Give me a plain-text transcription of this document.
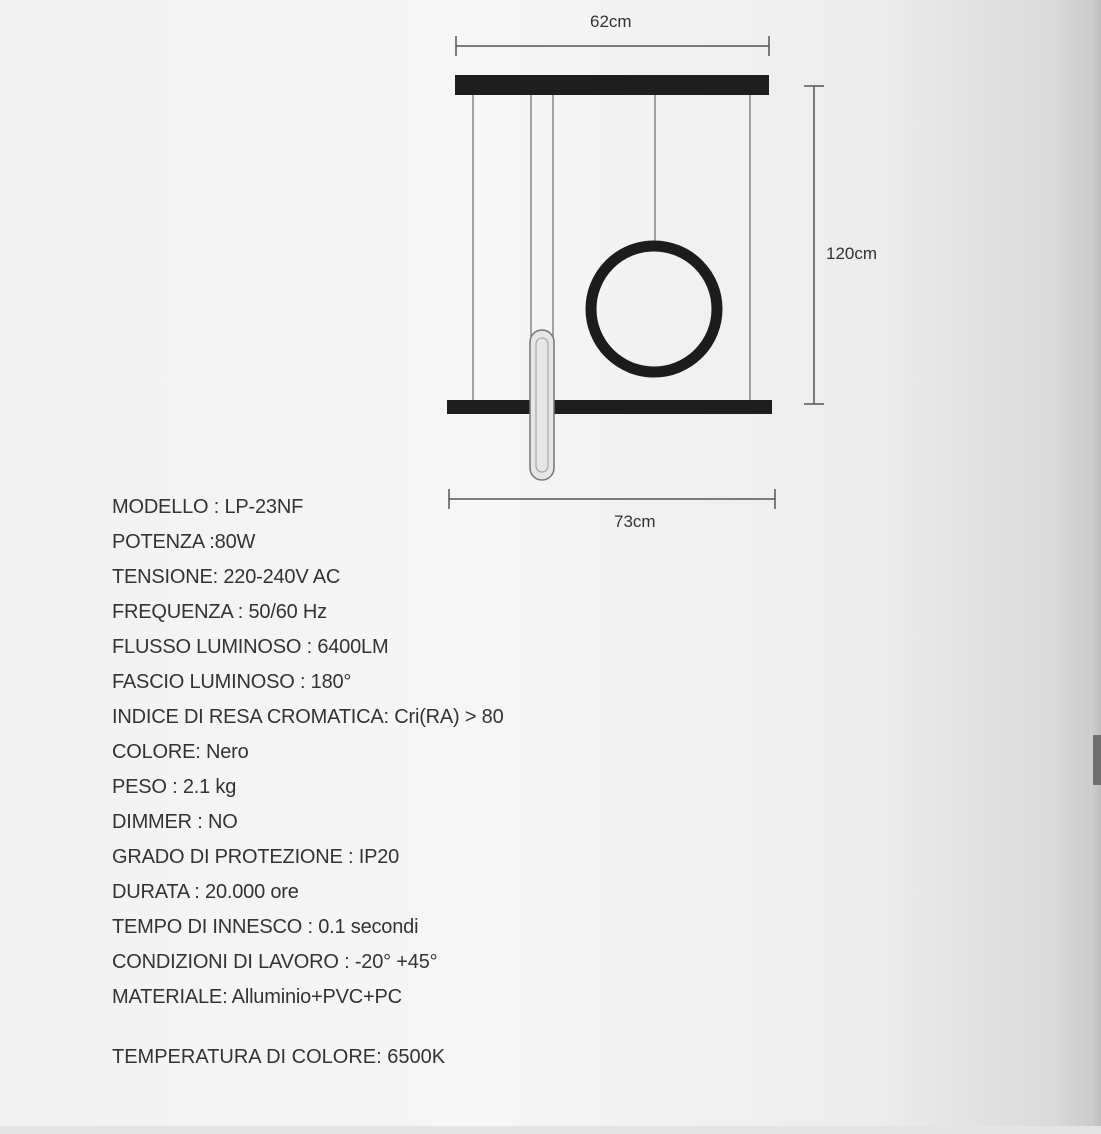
62cm
120cm
73cm
MODELLO : LP-23NF
POTENZA :80W
TENSIONE: 220-240V AC
FREQUENZA : 50/60 Hz
FLUSSO LUMINOSO : 6400LM
FASCIO LUMINOSO : 180°
INDICE DI RESA CROMATICA: Cri(RA) > 80
COLORE: Nero
PESO : 2.1 kg
DIMMER : NO
GRADO DI PROTEZIONE : IP20
DURATA : 20.000 ore
TEMPO DI INNESCO : 0.1 secondi
CONDIZIONI DI LAVORO : -20° +45°
MATERIALE: Alluminio+PVC+PC
TEMPERATURA DI COLORE: 6500K
